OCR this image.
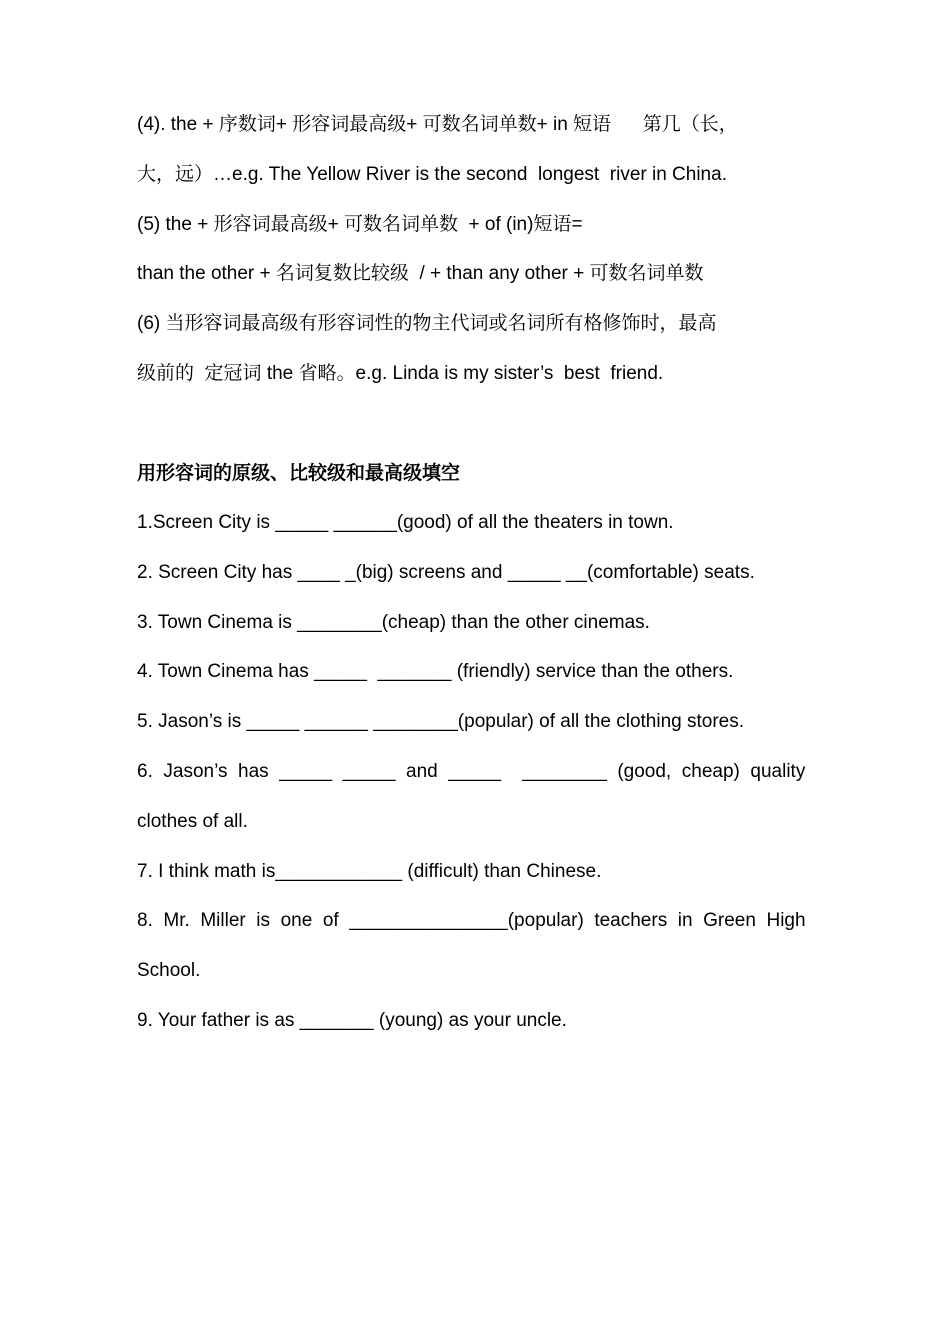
(4). the + 序数词+ 形容词最高级+ 可数名词单数+ in 短语      第几（长，
大，远）…e.g. The Yellow River is the second  longest  river in China.
(5) the + 形容词最高级+ 可数名词单数  + of (in)短语=
than the other + 名词复数比较级  / + than any other + 可数名词单数
(6) 当形容词最高级有形容词性的物主代词或名词所有格修饰时，最高
级前的  定冠词 the 省略。e.g. Linda is my sister’s  best  friend.
用形容词的原级、比较级和最高级填空
1.Screen City is _____ ______(good) of all the theaters in town.
2. Screen City has ____ _(big) screens and _____ __(comfortable) seats.
3. Town Cinema is ________(cheap) than the other cinemas.
4. Town Cinema has _____  _______ (friendly) service than the others.
5. Jason’s is _____ ______ ________(popular) of all the clothing stores.
6.  Jason’s  has  _____  _____  and  _____    ________  (good,  cheap)  quality
clothes of all.
7. I think math is____________ (difficult) than Chinese.
8.  Mr.  Miller  is  one  of  _______________(popular)  teachers  in  Green  High
School.
9. Your father is as _______ (young) as your uncle.
